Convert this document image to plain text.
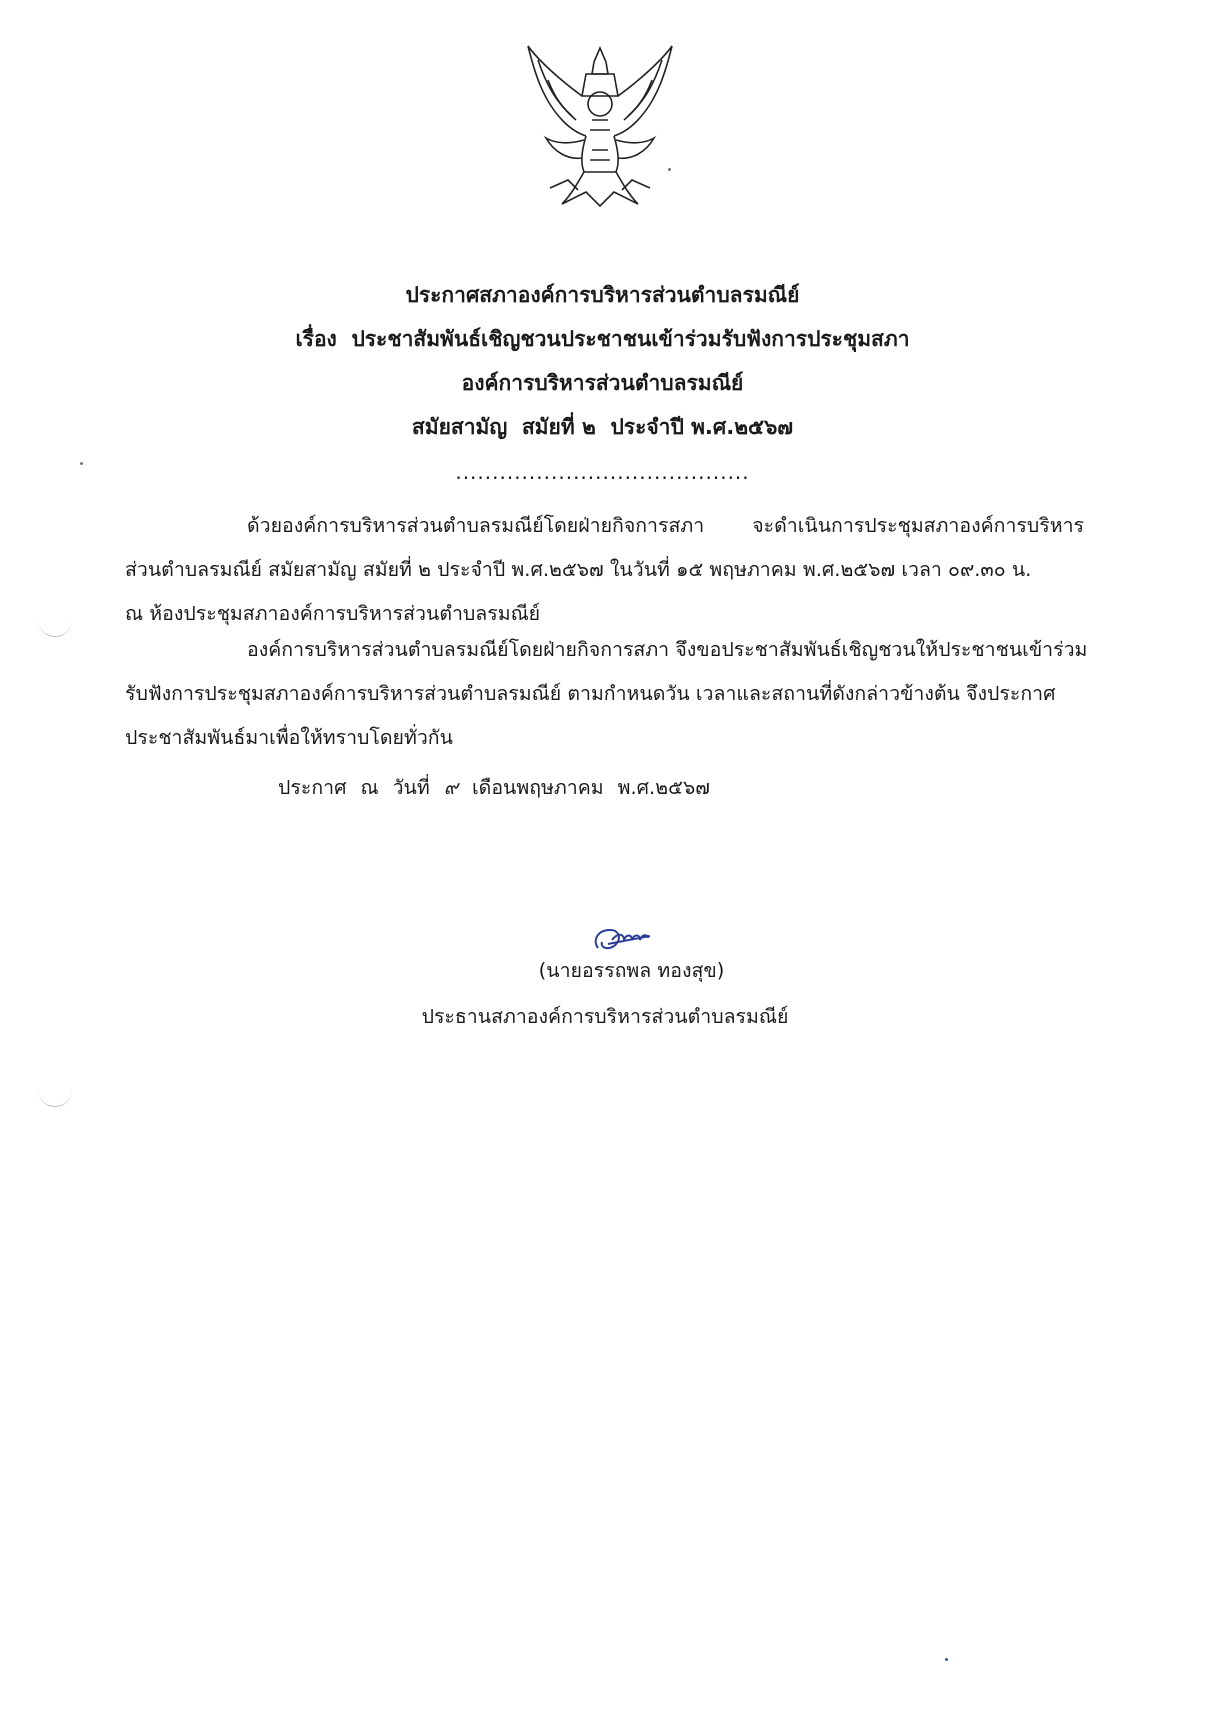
ประกาศสภาองค์การบริหารส่วนตำบลรมณีย์
เรื่อง ประชาสัมพันธ์เชิญชวนประชาชนเข้าร่วมรับฟังการประชุมสภา
องค์การบริหารส่วนตำบลรมณีย์
สมัยสามัญ สมัยที่ ๒ ประจำปี พ.ศ.๒๕๖๗
........................................
ด้วยองค์การบริหารส่วนตำบลรมณีย์โดยฝ่ายกิจการสภา จะดำเนินการประชุมสภาองค์การบริหาร
ส่วนตำบลรมณีย์ สมัยสามัญ สมัยที่ ๒ ประจำปี พ.ศ.๒๕๖๗ ในวันที่ ๑๕ พฤษภาคม พ.ศ.๒๕๖๗ เวลา ๐๙.๓๐ น.
ณ ห้องประชุมสภาองค์การบริหารส่วนตำบลรมณีย์
องค์การบริหารส่วนตำบลรมณีย์โดยฝ่ายกิจการสภา จึงขอประชาสัมพันธ์เชิญชวนให้ประชาชนเข้าร่วม
รับฟังการประชุมสภาองค์การบริหารส่วนตำบลรมณีย์ ตามกำหนดวัน เวลาและสถานที่ดังกล่าวข้างต้น จึงประกาศ
ประชาสัมพันธ์มาเพื่อให้ทราบโดยทั่วกัน
ประกาศ ณ วันที่ ๙ เดือนพฤษภาคม พ.ศ.๒๕๖๗
(นายอรรถพล ทองสุข)
ประธานสภาองค์การบริหารส่วนตำบลรมณีย์
